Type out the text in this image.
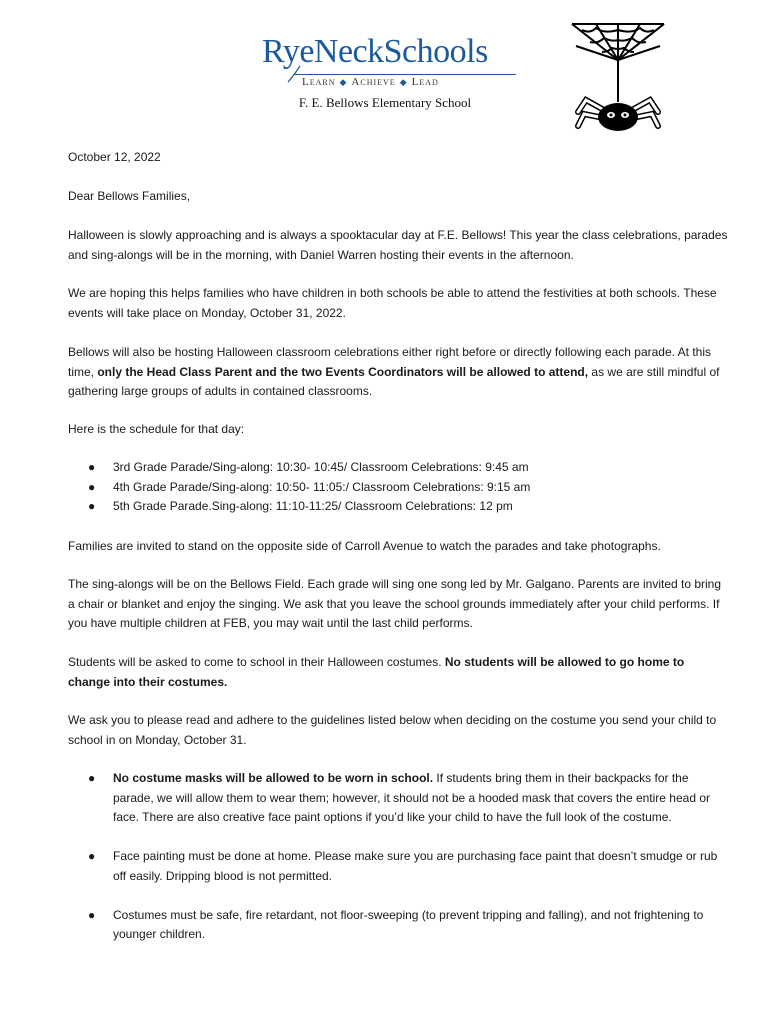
RyeNeckSchools
Learn ◆ Achieve ◆ Lead
F. E. Bellows Elementary School
October 12, 2022
Dear Bellows Families,
Halloween is slowly approaching and is always a spooktacular day at F.E. Bellows! This year the class celebrations, parades and sing-alongs will be in the morning, with Daniel Warren hosting their events in the afternoon.
We are hoping this helps families who have children in both schools be able to attend the festivities at both schools. These events will take place on Monday, October 31, 2022.
Bellows will also be hosting Halloween classroom celebrations either right before or directly following each parade. At this time, only the Head Class Parent and the two Events Coordinators will be allowed to attend, as we are still mindful of gathering large groups of adults in contained classrooms.
Here is the schedule for that day:
● 3rd Grade Parade/Sing-along: 10:30- 10:45/ Classroom Celebrations: 9:45 am
● 4th Grade Parade/Sing-along: 10:50- 11:05:/ Classroom Celebrations: 9:15 am
● 5th Grade Parade.Sing-along: 11:10-11:25/ Classroom Celebrations: 12 pm
Families are invited to stand on the opposite side of Carroll Avenue to watch the parades and take photographs.
The sing-alongs will be on the Bellows Field. Each grade will sing one song led by Mr. Galgano. Parents are invited to bring a chair or blanket and enjoy the singing. We ask that you leave the school grounds immediately after your child performs. If you have multiple children at FEB, you may wait until the last child performs.
Students will be asked to come to school in their Halloween costumes. No students will be allowed to go home to change into their costumes.
We ask you to please read and adhere to the guidelines listed below when deciding on the costume you send your child to school in on Monday, October 31.
● No costume masks will be allowed to be worn in school. If students bring them in their backpacks for the parade, we will allow them to wear them; however, it should not be a hooded mask that covers the entire head or face. There are also creative face paint options if you’d like your child to have the full look of the costume.
● Face painting must be done at home. Please make sure you are purchasing face paint that doesn’t smudge or rub off easily. Dripping blood is not permitted.
● Costumes must be safe, fire retardant, not floor-sweeping (to prevent tripping and falling), and not frightening to younger children.
